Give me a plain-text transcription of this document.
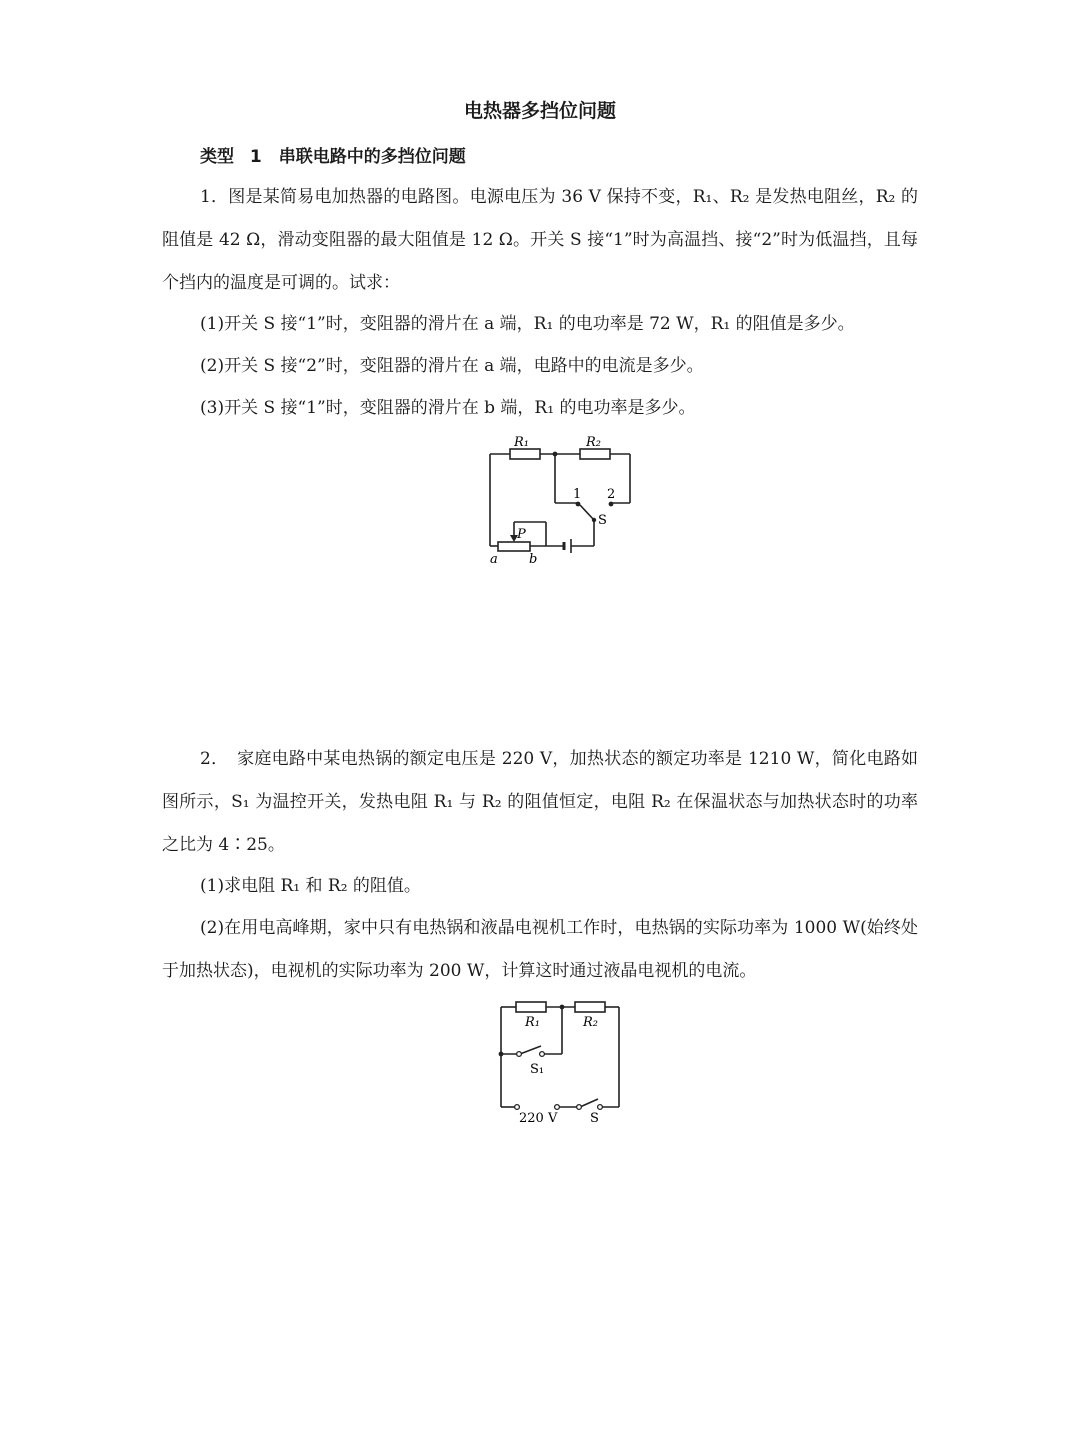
电热器多挡位问题
类型 1　串联电路中的多挡位问题

1．图是某简易电加热器的电路图。电源电压为 36 V 保持不变，R₁、R₂ 是发热电阻丝，R₂ 的阻值是 42 Ω，滑动变阻器的最大阻值是 12 Ω。开关 S 接“1”时为高温挡、接“2”时为低温挡，且每个挡内的温度是可调的。试求：

(1)开关 S 接“1”时，变阻器的滑片在 a 端，R₁ 的电功率是 72 W，R₁ 的阻值是多少。

(2)开关 S 接“2”时，变阻器的滑片在 a 端，电路中的电流是多少。

(3)开关 S 接“1”时，变阻器的滑片在 b 端，R₁ 的电功率是多少。

R₁	R₂
1 2
S
P
a b

2．　家庭电路中某电热锅的额定电压是 220 V，加热状态的额定功率是 1210 W，简化电路如图所示，S₁ 为温控开关，发热电阻 R₁ 与 R₂ 的阻值恒定，电阻 R₂ 在保温状态与加热状态时的功率之比为 4∶25。

(1)求电阻 R₁ 和 R₂ 的阻值。

(2)在用电高峰期，家中只有电热锅和液晶电视机工作时，电热锅的实际功率为 1000 W(始终处于加热状态)，电视机的实际功率为 200 W，计算这时通过液晶电视机的电流。

R₁	R₂
S₁
220 V	S
